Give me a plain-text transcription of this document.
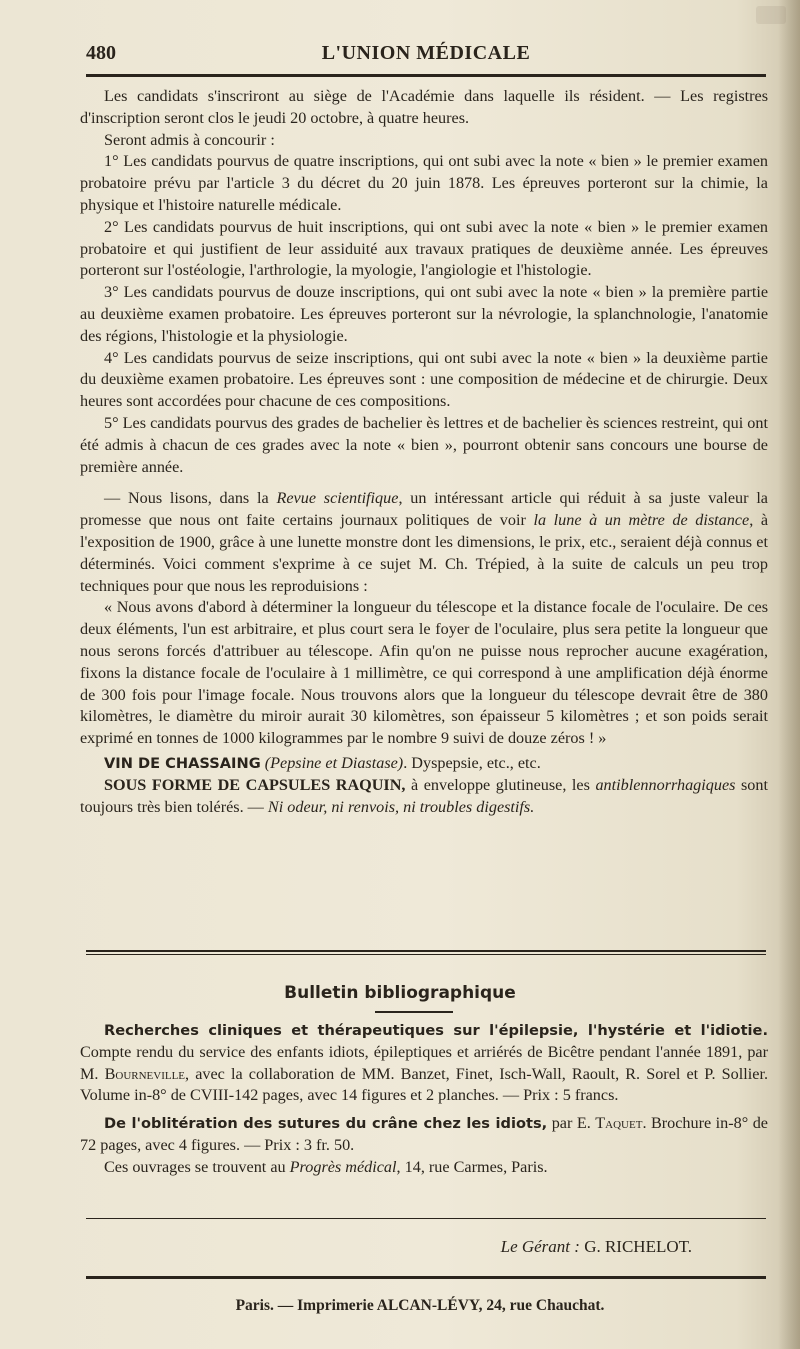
480	L'UNION MÉDICALE

Les candidats s'inscriront au siège de l'Académie dans laquelle ils résident. — Les registres d'inscription seront clos le jeudi 20 octobre, à quatre heures.

Seront admis à concourir :

1° Les candidats pourvus de quatre inscriptions, qui ont subi avec la note « bien » le premier examen probatoire prévu par l'article 3 du décret du 20 juin 1878. Les épreuves porteront sur la chimie, la physique et l'histoire naturelle médicale.

2° Les candidats pourvus de huit inscriptions, qui ont subi avec la note « bien » le premier examen probatoire et qui justifient de leur assiduité aux travaux pratiques de deuxième année. Les épreuves porteront sur l'ostéologie, l'arthrologie, la myologie, l'angiologie et l'histologie.

3° Les candidats pourvus de douze inscriptions, qui ont subi avec la note « bien » la première partie au deuxième examen probatoire. Les épreuves porteront sur la névrologie, la splanchnologie, l'anatomie des régions, l'histologie et la physiologie.

4° Les candidats pourvus de seize inscriptions, qui ont subi avec la note « bien » la deuxième partie du deuxième examen probatoire. Les épreuves sont : une composition de médecine et de chirurgie. Deux heures sont accordées pour chacune de ces compositions.

5° Les candidats pourvus des grades de bachelier ès lettres et de bachelier ès sciences restreint, qui ont été admis à chacun de ces grades avec la note « bien », pourront obtenir sans concours une bourse de première année.

— Nous lisons, dans la Revue scientifique, un intéressant article qui réduit à sa juste valeur la promesse que nous ont faite certains journaux politiques de voir la lune à un mètre de distance, à l'exposition de 1900, grâce à une lunette monstre dont les dimensions, le prix, etc., seraient déjà connus et déterminés. Voici comment s'exprime à ce sujet M. Ch. Trépied, à la suite de calculs un peu trop techniques pour que nous les reproduisions :

« Nous avons d'abord à déterminer la longueur du télescope et la distance focale de l'oculaire. De ces deux éléments, l'un est arbitraire, et plus court sera le foyer de l'oculaire, plus sera petite la longueur que nous serons forcés d'attribuer au télescope. Afin qu'on ne puisse nous reprocher aucune exagération, fixons la distance focale de l'oculaire à 1 millimètre, ce qui correspond à une amplification déjà énorme de 300 fois pour l'image focale. Nous trouvons alors que la longueur du télescope devrait être de 380 kilomètres, le diamètre du miroir aurait 30 kilomètres, son épaisseur 5 kilomètres ; et son poids serait exprimé en tonnes de 1000 kilogrammes par le nombre 9 suivi de douze zéros ! »

VIN DE CHASSAING (Pepsine et Diastase). Dyspepsie, etc., etc.

SOUS FORME DE CAPSULES RAQUIN, à enveloppe glutineuse, les antiblennorrhagiques sont toujours très bien tolérés. — Ni odeur, ni renvois, ni troubles digestifs.

Bulletin bibliographique

Recherches cliniques et thérapeutiques sur l'épilepsie, l'hystérie et l'idiotie. Compte rendu du service des enfants idiots, épileptiques et arriérés de Bicêtre pendant l'année 1891, par M. Bourneville, avec la collaboration de MM. Banzet, Finet, Isch-Wall, Raoult, R. Sorel et P. Sollier. Volume in-8° de CVIII-142 pages, avec 14 figures et 2 planches. — Prix : 5 francs.

De l'oblitération des sutures du crâne chez les idiots, par E. Taquet. Brochure in-8° de 72 pages, avec 4 figures. — Prix : 3 fr. 50.

Ces ouvrages se trouvent au Progrès médical, 14, rue Carmes, Paris.

Le Gérant : G. RICHELOT.
Paris. — Imprimerie ALCAN-LÉVY, 24, rue Chauchat.
